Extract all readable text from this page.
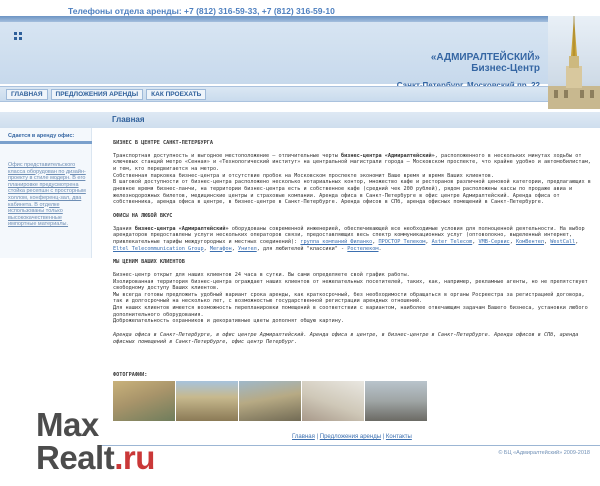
Телефоны отдела аренды: +7 (812) 316-59-33, +7 (812) 316-59-10
«АДМИРАЛТЕЙСКИЙ»
Бизнес-Центр
ГЛАВНАЯ	ПРЕДЛОЖЕНИЯ АРЕНДЫ	КАК ПРОЕХАТЬ
Главная
Сдается в аренду офис:
Офис представительского класса оборудован по дизайн-проекту в стиле модерн. В его планировке предусмотрена стойка ресепшн с просторным холлом, конференц-зал, два кабинета. В отделке использованы только высококачественные импортные материалы.
БИЗНЕС В ЦЕНТРЕ САНКТ-ПЕТЕРБУРГА

Транспортная доступность и выгодное местоположение – отличительные черты бизнес-центра «Адмиралтейский», расположенного в нескольких минутах ходьбы от ключевых станций метро «Сенная» и «Технологический институт» на центральной магистрали города – Московском проспекте, что крайне удобно и автомобилистам, и тем, кто передвигается на метро.

Собственная парковка бизнес-центра и отсутствие пробок на Московском проспекте экономит Ваше время и время Ваших клиентов.

В шаговой доступности от бизнес-центра расположено несколько нотариальных контор, множество кафе и ресторанов различной ценовой категории, предлагающих в дневное время бизнес-ланчи, на территории бизнес-центра есть и собственное кафе (средний чек 200 рублей), рядом расположены кассы по продаже авиа и железнодорожных билетов, медицинские центры и страховые компании. Аренда офиса в Санкт-Петербурге в офис центре Адмиралтейский. Аренда офиса от собственника, аренда офиса в центре, в бизнес-центре в Санкт-Петербурге. Аренда офисов в СПб, аренда офисных помещений в Санкт-Петербурге.

ОФИСЫ НА ЛЮБОЙ ВКУС

Здания бизнес-центра «Адмиралтейский» оборудованы современной инженерией, обеспечивающей все необходимые условия для полноценной деятельности. На выбор арендаторов предоставлены услуги нескольких операторов связи, предоставляющих весь спектр коммуникационных услуг (оптоволокно, выделенный интернет, привлекательные тарифы междугородных и местных соединений): группа компаний Филанко, ПРОСТОР Телеком, Aster Telecom, VMB-Сервис, КомВентел, WestCall, Eltel Telecommunication Group, Мегафон, Унител, для любителей "классики" - Ростелеком.

МЫ ЦЕНИМ ВАШИХ КЛИЕНТОВ

Бизнес-центр открыт для наших клиентов 24 часа в сутки. Вы сами определяете свой график работы.

Изолированная территория бизнес-центра ограждает наших клиентов от нежелательных посетителей, таких, как, например, рекламные агенты, но не препятствует свободному доступу Ваших клиентов.

Мы всегда готовы предложить удобный вариант срока аренды, как краткосрочный, без необходимости обращаться в органы Росреестра за регистрацией договора, так и долгосрочный на несколько лет, с возможностью государственной регистрации арендных отношений.

Для наших клиентов имеется возможность перепланировки помещений в соответствии с вариантом, наиболее отвечающим задачам Вашего бизнеса, установки любого дополнительного оборудования.

Доброжелательность охранников и декоративные цветы дополнят общую картину.

Аренда офиса в Санкт-Петербурге, в офис центре Адмиралтейский. Аренда офиса в центре, в бизнес-центре в Санкт-Петербурге. Аренда офисов в СПб, аренда офисных помещений в Санкт-Петербурге, офис центр Петербург.

ФОТОГРАФИИ:
Главная | Предложения аренды | Контакты
© БЦ «Адмиралтейский» 2009-2018
Max
Realt.ru
